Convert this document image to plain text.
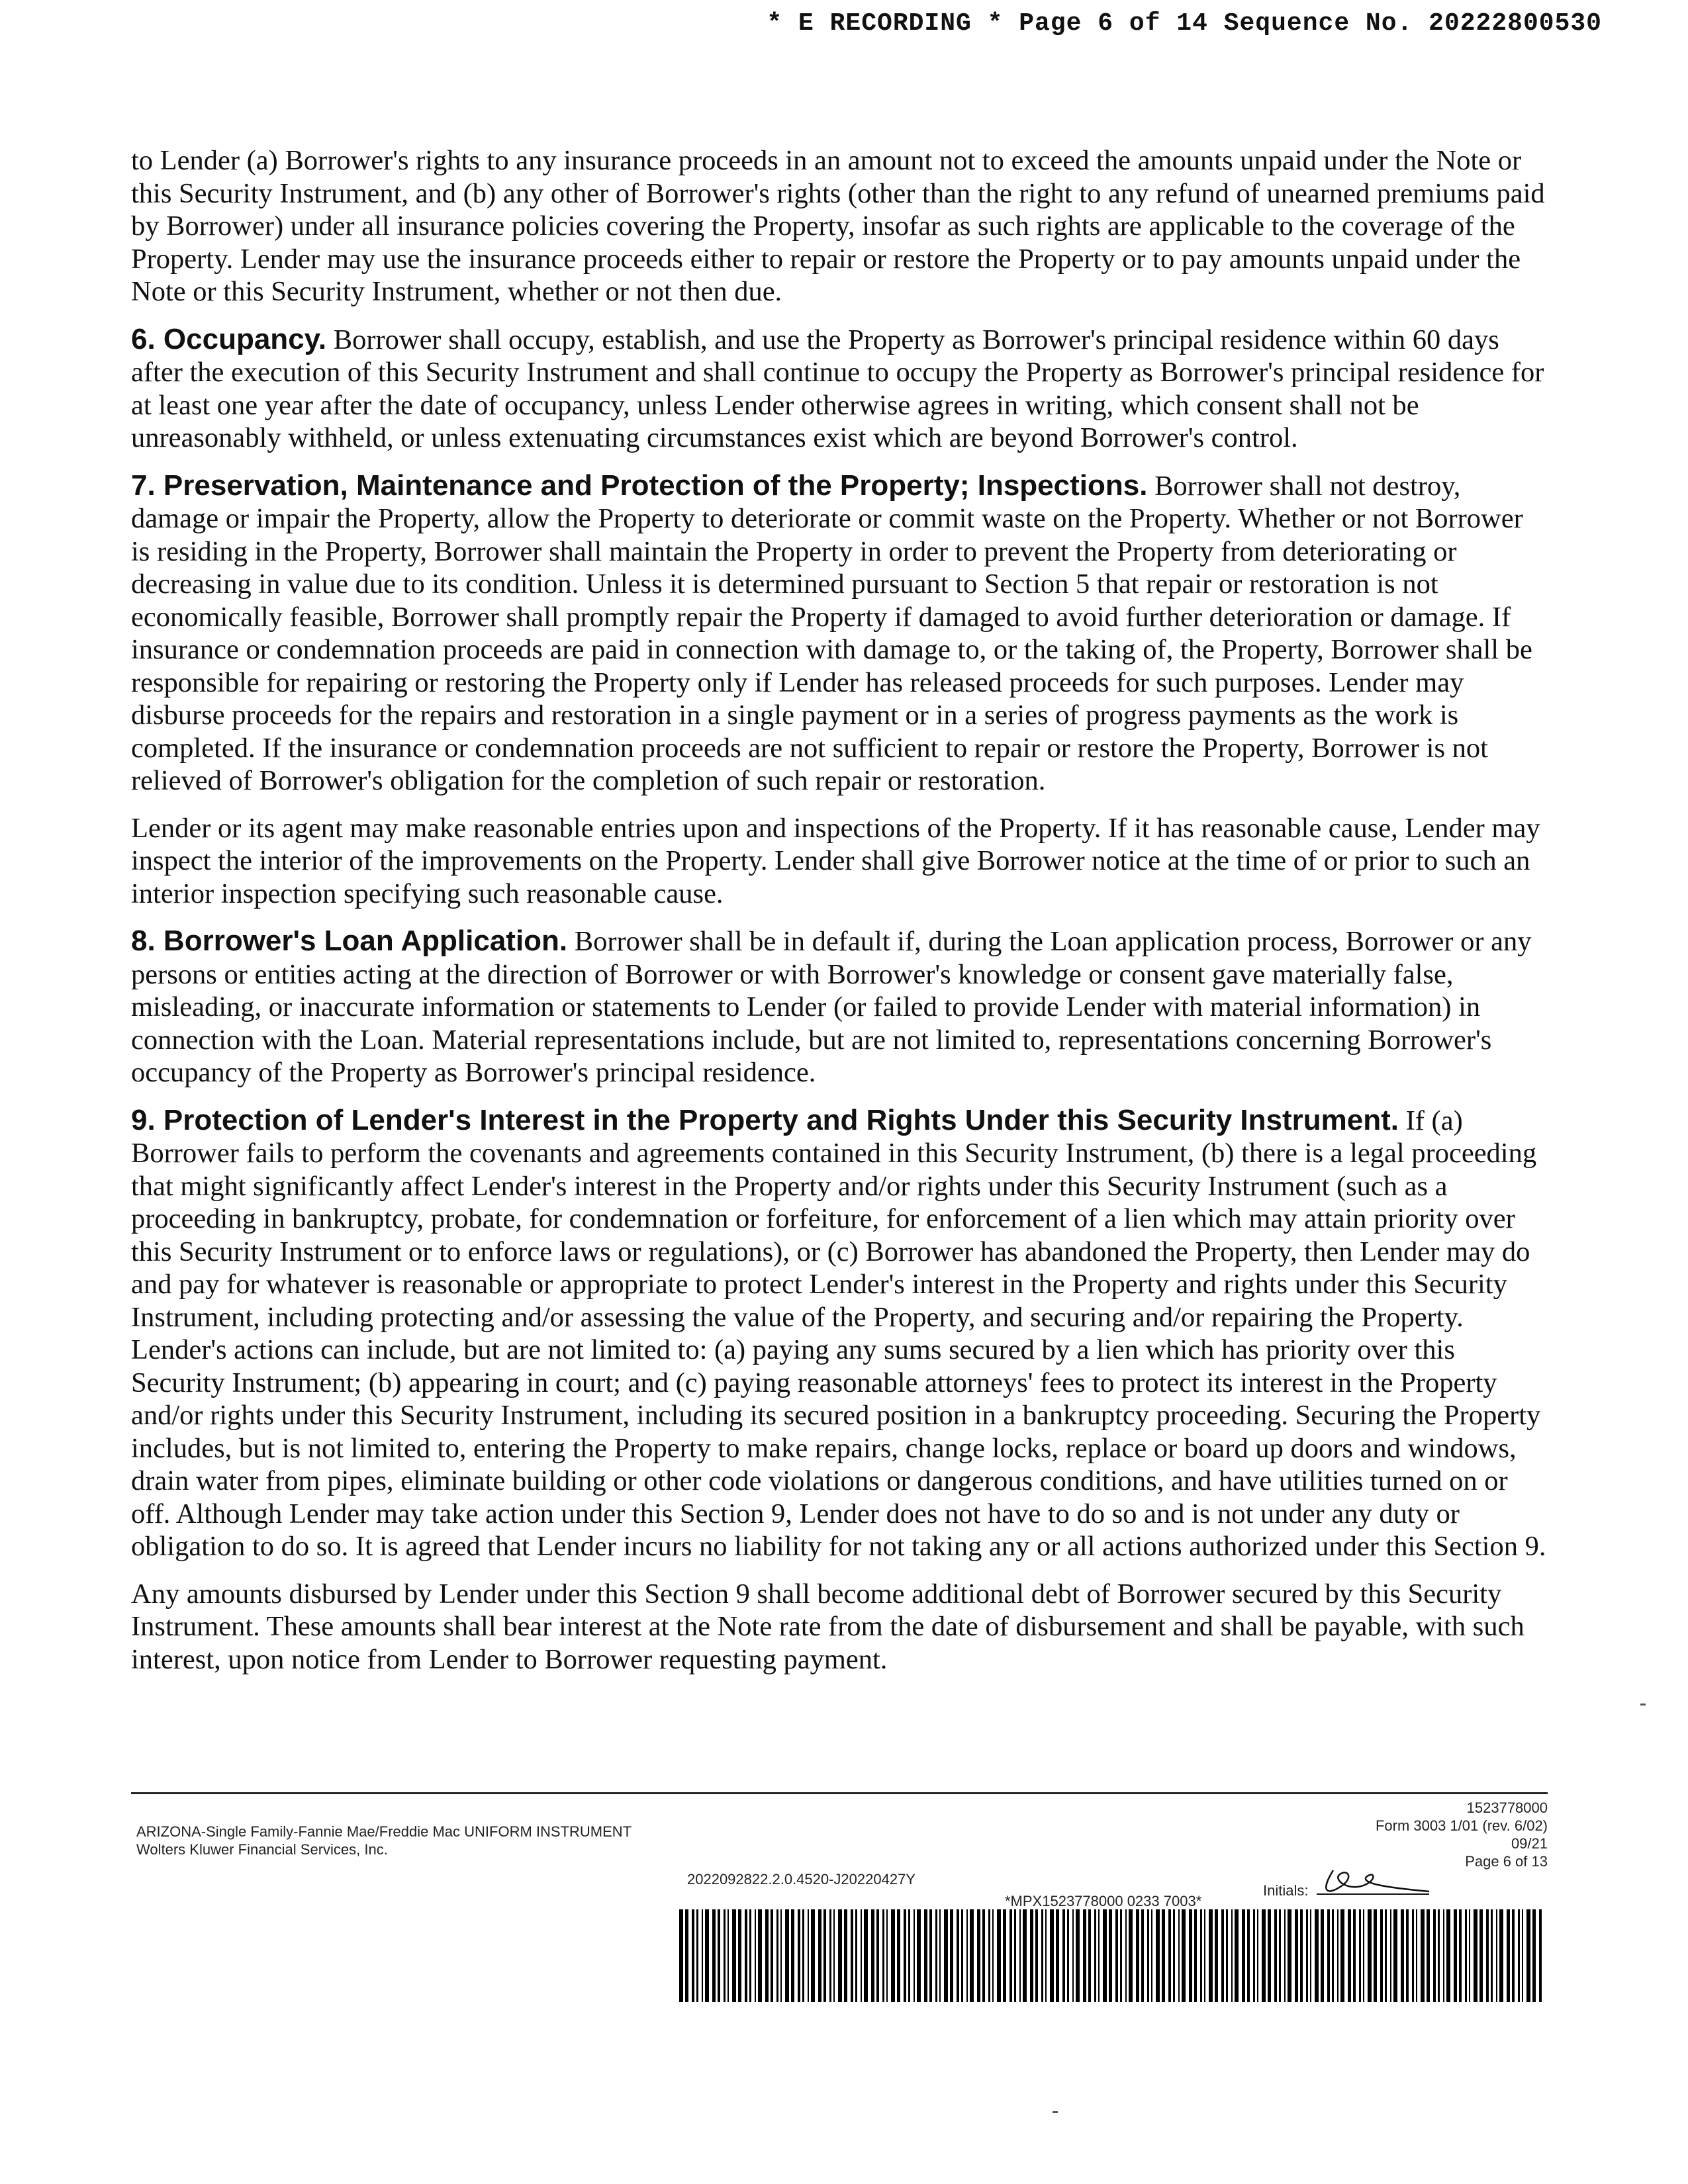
* E RECORDING * Page 6 of 14 Sequence No. 20222800530

to Lender (a) Borrower's rights to any insurance proceeds in an amount not to exceed the amounts unpaid under the Note or this Security Instrument, and (b) any other of Borrower's rights (other than the right to any refund of unearned premiums paid by Borrower) under all insurance policies covering the Property, insofar as such rights are applicable to the coverage of the Property. Lender may use the insurance proceeds either to repair or restore the Property or to pay amounts unpaid under the Note or this Security Instrument, whether or not then due.

6. Occupancy. Borrower shall occupy, establish, and use the Property as Borrower's principal residence within 60 days after the execution of this Security Instrument and shall continue to occupy the Property as Borrower's principal residence for at least one year after the date of occupancy, unless Lender otherwise agrees in writing, which consent shall not be unreasonably withheld, or unless extenuating circumstances exist which are beyond Borrower's control.

7. Preservation, Maintenance and Protection of the Property; Inspections. Borrower shall not destroy, damage or impair the Property, allow the Property to deteriorate or commit waste on the Property. Whether or not Borrower is residing in the Property, Borrower shall maintain the Property in order to prevent the Property from deteriorating or decreasing in value due to its condition. Unless it is determined pursuant to Section 5 that repair or restoration is not economically feasible, Borrower shall promptly repair the Property if damaged to avoid further deterioration or damage. If insurance or condemnation proceeds are paid in connection with damage to, or the taking of, the Property, Borrower shall be responsible for repairing or restoring the Property only if Lender has released proceeds for such purposes. Lender may disburse proceeds for the repairs and restoration in a single payment or in a series of progress payments as the work is completed. If the insurance or condemnation proceeds are not sufficient to repair or restore the Property, Borrower is not relieved of Borrower's obligation for the completion of such repair or restoration.

Lender or its agent may make reasonable entries upon and inspections of the Property. If it has reasonable cause, Lender may inspect the interior of the improvements on the Property. Lender shall give Borrower notice at the time of or prior to such an interior inspection specifying such reasonable cause.

8. Borrower's Loan Application. Borrower shall be in default if, during the Loan application process, Borrower or any persons or entities acting at the direction of Borrower or with Borrower's knowledge or consent gave materially false, misleading, or inaccurate information or statements to Lender (or failed to provide Lender with material information) in connection with the Loan. Material representations include, but are not limited to, representations concerning Borrower's occupancy of the Property as Borrower's principal residence.

9. Protection of Lender's Interest in the Property and Rights Under this Security Instrument. If (a) Borrower fails to perform the covenants and agreements contained in this Security Instrument, (b) there is a legal proceeding that might significantly affect Lender's interest in the Property and/or rights under this Security Instrument (such as a proceeding in bankruptcy, probate, for condemnation or forfeiture, for enforcement of a lien which may attain priority over this Security Instrument or to enforce laws or regulations), or (c) Borrower has abandoned the Property, then Lender may do and pay for whatever is reasonable or appropriate to protect Lender's interest in the Property and rights under this Security Instrument, including protecting and/or assessing the value of the Property, and securing and/or repairing the Property. Lender's actions can include, but are not limited to: (a) paying any sums secured by a lien which has priority over this Security Instrument; (b) appearing in court; and (c) paying reasonable attorneys' fees to protect its interest in the Property and/or rights under this Security Instrument, including its secured position in a bankruptcy proceeding. Securing the Property includes, but is not limited to, entering the Property to make repairs, change locks, replace or board up doors and windows, drain water from pipes, eliminate building or other code violations or dangerous conditions, and have utilities turned on or off. Although Lender may take action under this Section 9, Lender does not have to do so and is not under any duty or obligation to do so. It is agreed that Lender incurs no liability for not taking any or all actions authorized under this Section 9.

Any amounts disbursed by Lender under this Section 9 shall become additional debt of Borrower secured by this Security Instrument. These amounts shall bear interest at the Note rate from the date of disbursement and shall be payable, with such interest, upon notice from Lender to Borrower requesting payment.

ARIZONA-Single Family-Fannie Mae/Freddie Mac UNIFORM INSTRUMENT
Wolters Kluwer Financial Services, Inc.
2022092822.2.0.4520-J20220427Y
Initials:
1523778000
Form 3003 1/01 (rev. 6/02)
09/21
Page 6 of 13
*MPX1523778000 0233 7003*
